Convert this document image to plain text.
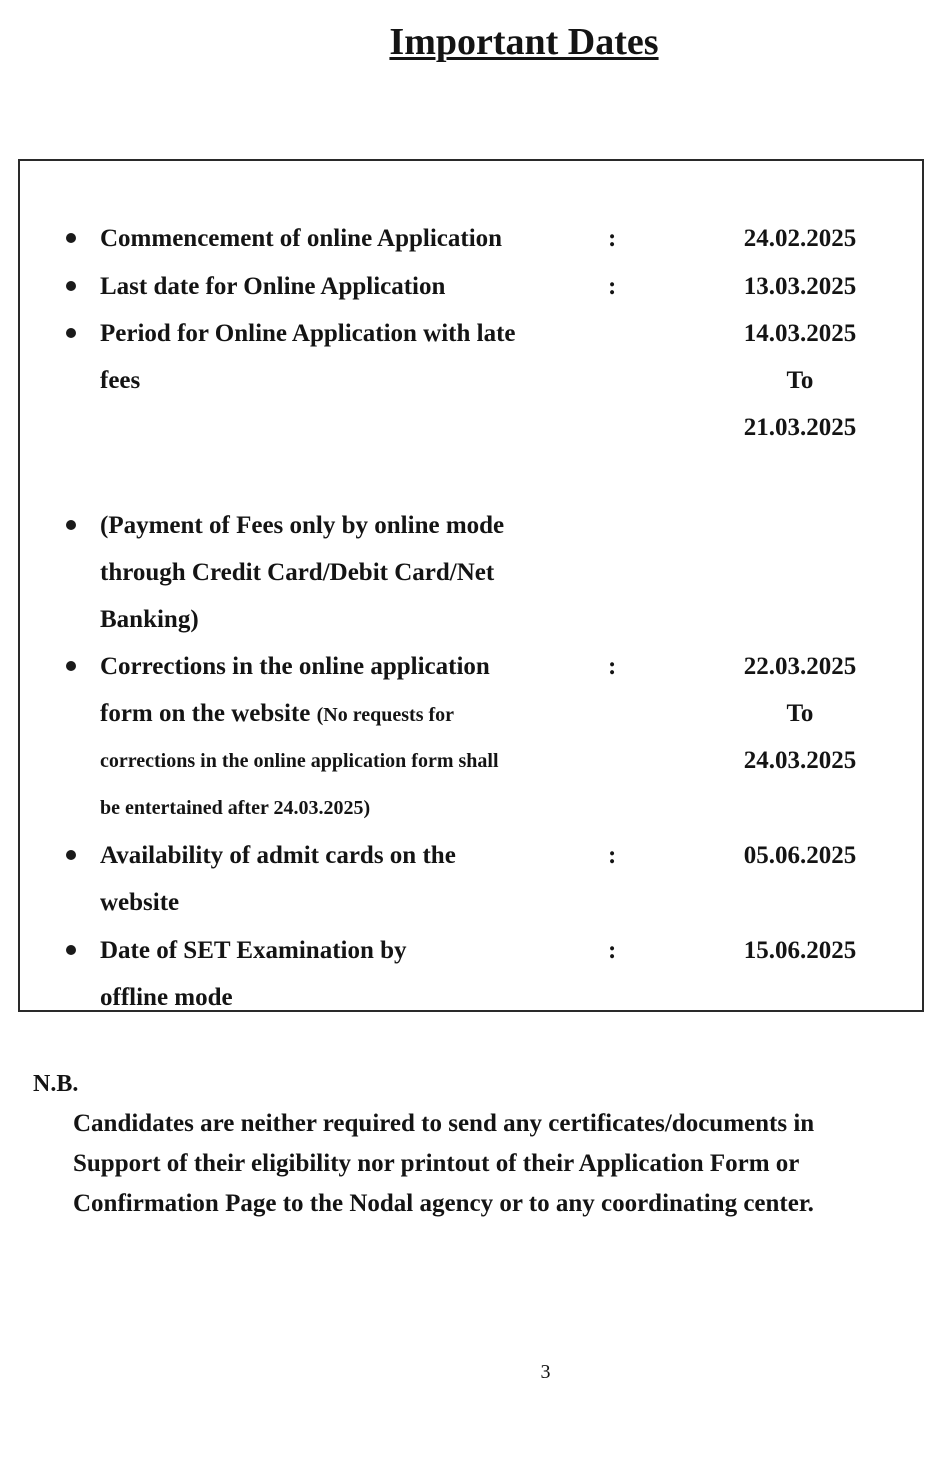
Important Dates
Commencement of online Application	:	24.02.2025
Last date for Online Application	:	13.03.2025
Period for Online Application with late	14.03.2025
fees	To
21.03.2025
(Payment of Fees only by online mode
through Credit Card/Debit Card/Net
Banking)
Corrections in the online application	:	22.03.2025
form on the website (No requests for	To
corrections in the online application form shall	24.03.2025
be entertained after 24.03.2025)
Availability of admit cards on the	:	05.06.2025
website
Date of SET Examination by	:	15.06.2025
offline mode

N.B.

Candidates are neither required to send any certificates/documents in

Support of their eligibility nor printout of their Application Form or

Confirmation Page to the Nodal agency or to any coordinating center.

3
